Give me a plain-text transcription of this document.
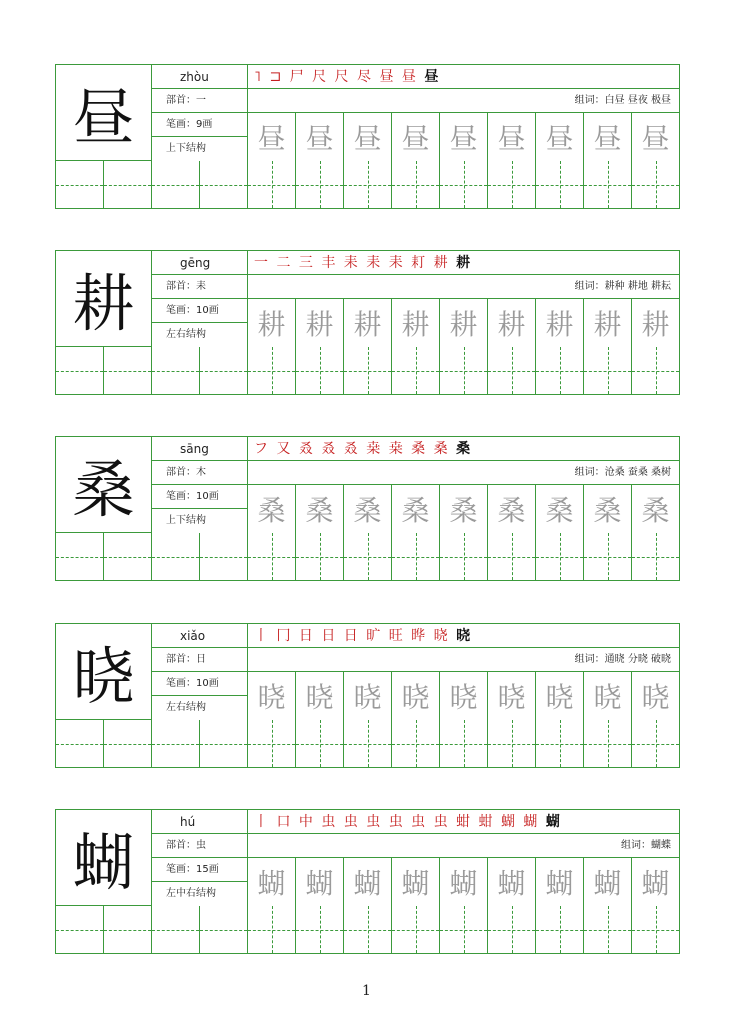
昼
zhòu
部首：一
笔画：9画
上下结构
˥ ⊐ 尸 尺 尺 尽 昼 昼 昼
组词：白昼 昼夜 极昼
昼 昼 昼 昼 昼 昼 昼 昼 昼
耕
gēng
部首：耒
笔画：10画
左右结构
一 二 三 丰 耒 耒 耒 耓 耕 耕
组词：耕种 耕地 耕耘
耕 耕 耕 耕 耕 耕 耕 耕 耕
桑
sāng
部首：木
笔画：10画
上下结构
フ 又 叒 叒 叒 桒 桒 桑 桑 桑
组词：沧桑 蚕桑 桑树
桑 桑 桑 桑 桑 桑 桑 桑 桑
晓
xiǎo
部首：日
笔画：10画
左右结构
丨 冂 日 日 日 旷 旺 晔 晓 晓
组词：通晓 分晓 破晓
晓 晓 晓 晓 晓 晓 晓 晓 晓
蝴
hú
部首：虫
笔画：15画
左中右结构
丨 口 中 虫 虫 虫 虫 虫 虫 蚶 蚶 蝴 蝴 蝴
组词：蝴蝶
蝴 蝴 蝴 蝴 蝴 蝴 蝴 蝴 蝴
1
